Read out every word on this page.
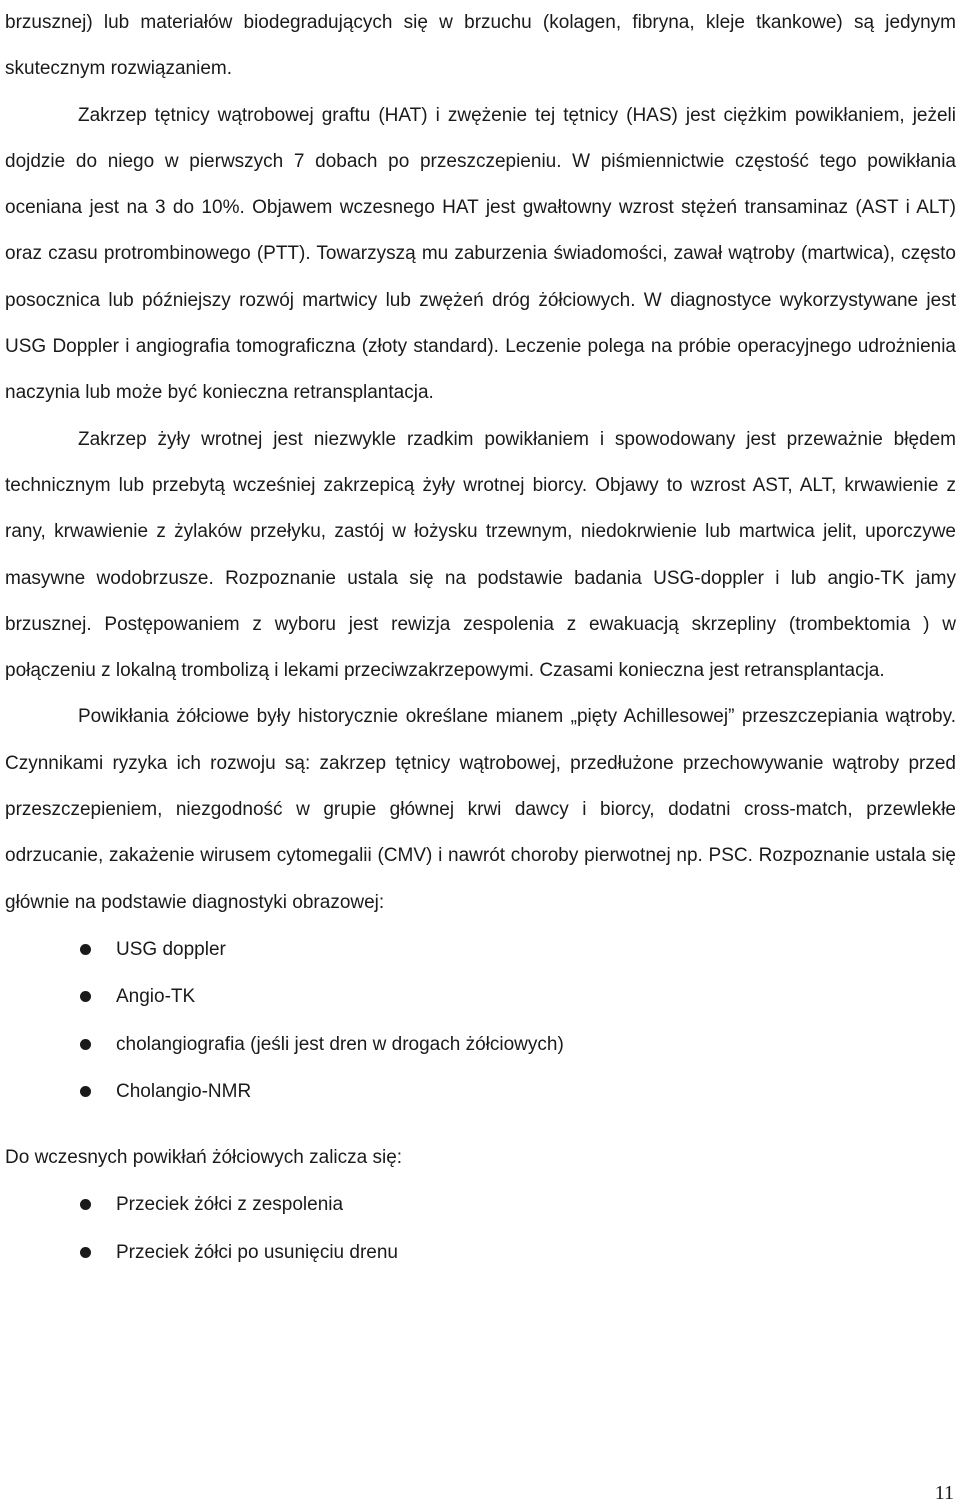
brzusznej) lub materiałów biodegradujących się w brzuchu (kolagen, fibryna, kleje tkankowe) są jedynym skutecznym rozwiązaniem.

Zakrzep tętnicy wątrobowej graftu (HAT) i zwężenie tej tętnicy (HAS) jest ciężkim powikłaniem, jeżeli dojdzie do niego w pierwszych 7 dobach po przeszczepieniu. W piśmiennictwie częstość tego powikłania oceniana jest na 3 do 10%. Objawem wczesnego HAT jest gwałtowny wzrost stężeń transaminaz (AST i ALT) oraz czasu protrombinowego (PTT). Towarzyszą mu zaburzenia świadomości, zawał wątroby (martwica), często posocznica lub późniejszy rozwój martwicy lub zwężeń dróg żółciowych. W diagnostyce wykorzystywane jest USG Doppler i angiografia tomograficzna (złoty standard). Leczenie polega na próbie operacyjnego udrożnienia naczynia lub może być konieczna retransplantacja.

Zakrzep żyły wrotnej jest niezwykle rzadkim powikłaniem i spowodowany jest przeważnie błędem technicznym lub przebytą wcześniej zakrzepicą żyły wrotnej biorcy. Objawy to wzrost AST, ALT, krwawienie z rany, krwawienie z żylaków przełyku, zastój w łożysku trzewnym, niedokrwienie lub martwica jelit, uporczywe masywne wodobrzusze. Rozpoznanie ustala się na podstawie badania USG-doppler i lub angio-TK jamy brzusznej. Postępowaniem z wyboru jest rewizja zespolenia z ewakuacją skrzepliny (trombektomia ) w połączeniu z lokalną trombolizą i lekami przeciwzakrzepowymi. Czasami konieczna jest retransplantacja.

Powikłania żółciowe były historycznie określane mianem „pięty Achillesowej” przeszczepiania wątroby. Czynnikami ryzyka ich rozwoju są: zakrzep tętnicy wątrobowej, przedłużone przechowywanie wątroby przed przeszczepieniem, niezgodność w grupie głównej krwi dawcy i biorcy, dodatni cross-match, przewlekłe odrzucanie, zakażenie wirusem cytomegalii (CMV) i nawrót choroby pierwotnej np. PSC. Rozpoznanie ustala się głównie na podstawie diagnostyki obrazowej:

USG doppler
Angio-TK
cholangiografia (jeśli jest dren w drogach żółciowych)
Cholangio-NMR

Do wczesnych powikłań żółciowych zalicza się:

Przeciek żółci z zespolenia
Przeciek żółci po usunięciu drenu
11
